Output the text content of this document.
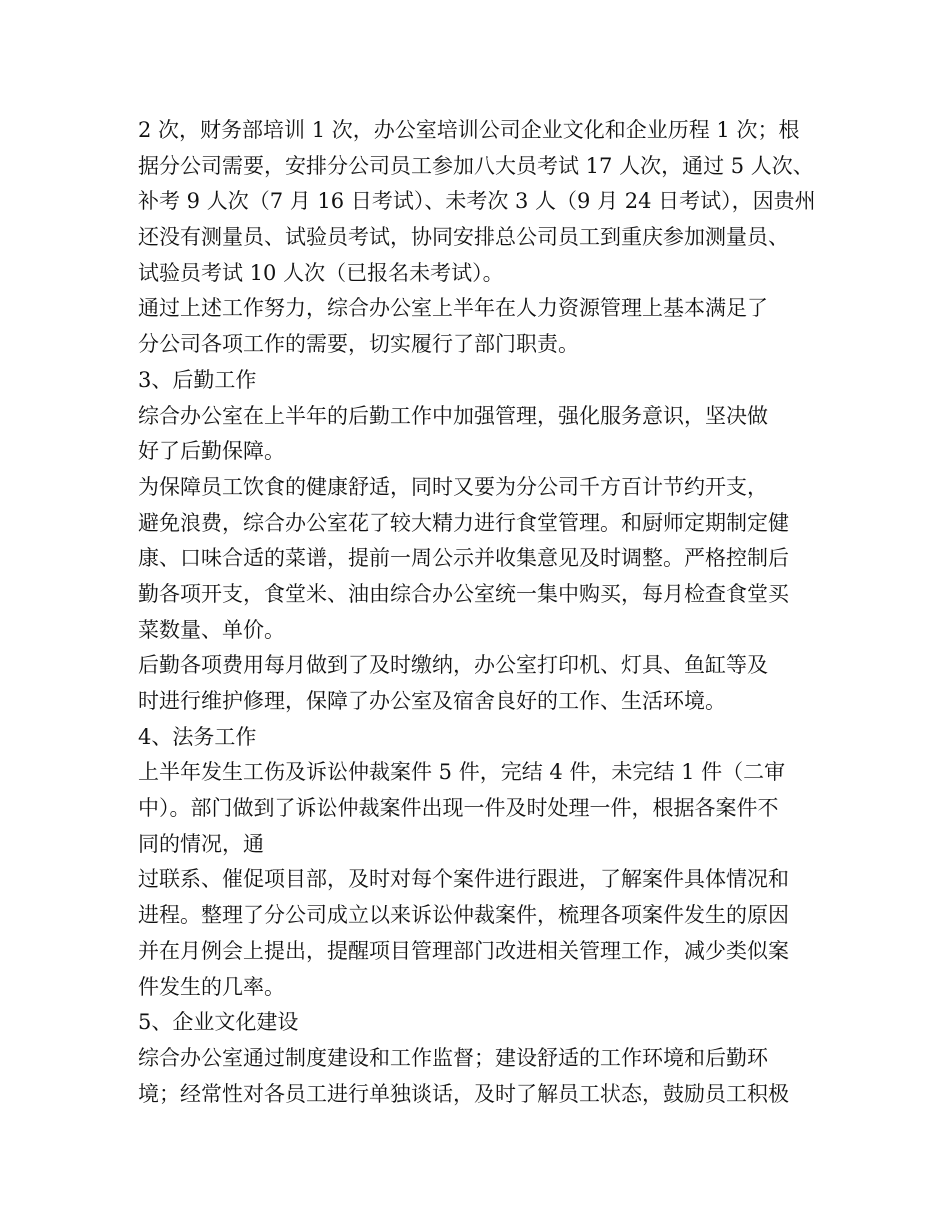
2 次，财务部培训 1 次，办公室培训公司企业文化和企业历程 1 次；根
据分公司需要，安排分公司员工参加八大员考试 17 人次，通过 5 人次、
补考 9 人次（7 月 16 日考试）、未考次 3 人（9 月 24 日考试），因贵州
还没有测量员、试验员考试，协同安排总公司员工到重庆参加测量员、
试验员考试 10 人次（已报名未考试）。
通过上述工作努力，综合办公室上半年在人力资源管理上基本满足了
分公司各项工作的需要，切实履行了部门职责。
3、后勤工作
综合办公室在上半年的后勤工作中加强管理，强化服务意识，坚决做
好了后勤保障。
为保障员工饮食的健康舒适，同时又要为分公司千方百计节约开支，
避免浪费，综合办公室花了较大精力进行食堂管理。和厨师定期制定健
康、口味合适的菜谱，提前一周公示并收集意见及时调整。严格控制后
勤各项开支，食堂米、油由综合办公室统一集中购买，每月检查食堂买
菜数量、单价。
后勤各项费用每月做到了及时缴纳，办公室打印机、灯具、鱼缸等及
时进行维护修理，保障了办公室及宿舍良好的工作、生活环境。
4、法务工作
上半年发生工伤及诉讼仲裁案件 5 件，完结 4 件，未完结 1 件（二审
中）。部门做到了诉讼仲裁案件出现一件及时处理一件，根据各案件不
同的情况，通
过联系、催促项目部，及时对每个案件进行跟进，了解案件具体情况和
进程。整理了分公司成立以来诉讼仲裁案件，梳理各项案件发生的原因
并在月例会上提出，提醒项目管理部门改进相关管理工作，减少类似案
件发生的几率。
5、企业文化建设
综合办公室通过制度建设和工作监督；建设舒适的工作环境和后勤环
境；经常性对各员工进行单独谈话，及时了解员工状态，鼓励员工积极
